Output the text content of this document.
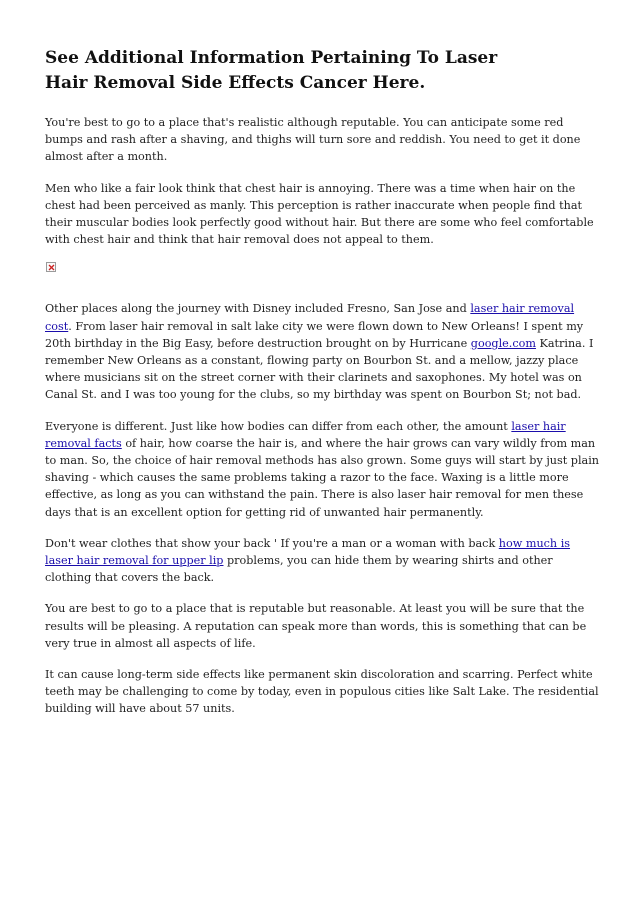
See Additional Information Pertaining To Laser Hair Removal Side Effects Cancer Here.

You're best to go to a place that's realistic although reputable. You can anticipate some red bumps and rash after a shaving, and thighs will turn sore and reddish. You need to get it done almost after a month.

Men who like a fair look think that chest hair is annoying. There was a time when hair on the chest had been perceived as manly. This perception is rather inaccurate when people find that their muscular bodies look perfectly good without hair. But there are some who feel comfortable with chest hair and think that hair removal does not appeal to them.

Other places along the journey with Disney included Fresno, San Jose and laser hair removal cost. From laser hair removal in salt lake city we were flown down to New Orleans! I spent my 20th birthday in the Big Easy, before destruction brought on by Hurricane google.com Katrina. I remember New Orleans as a constant, flowing party on Bourbon St. and a mellow, jazzy place where musicians sit on the street corner with their clarinets and saxophones. My hotel was on Canal St. and I was too young for the clubs, so my birthday was spent on Bourbon St; not bad.

Everyone is different. Just like how bodies can differ from each other, the amount laser hair removal facts of hair, how coarse the hair is, and where the hair grows can vary wildly from man to man. So, the choice of hair removal methods has also grown. Some guys will start by just plain shaving - which causes the same problems taking a razor to the face. Waxing is a little more effective, as long as you can withstand the pain. There is also laser hair removal for men these days that is an excellent option for getting rid of unwanted hair permanently.

Don't wear clothes that show your back ' If you're a man or a woman with back how much is laser hair removal for upper lip problems, you can hide them by wearing shirts and other clothing that covers the back.

You are best to go to a place that is reputable but reasonable. At least you will be sure that the results will be pleasing. A reputation can speak more than words, this is something that can be very true in almost all aspects of life.

It can cause long-term side effects like permanent skin discoloration and scarring. Perfect white teeth may be challenging to come by today, even in populous cities like Salt Lake. The residential building will have about 57 units.
